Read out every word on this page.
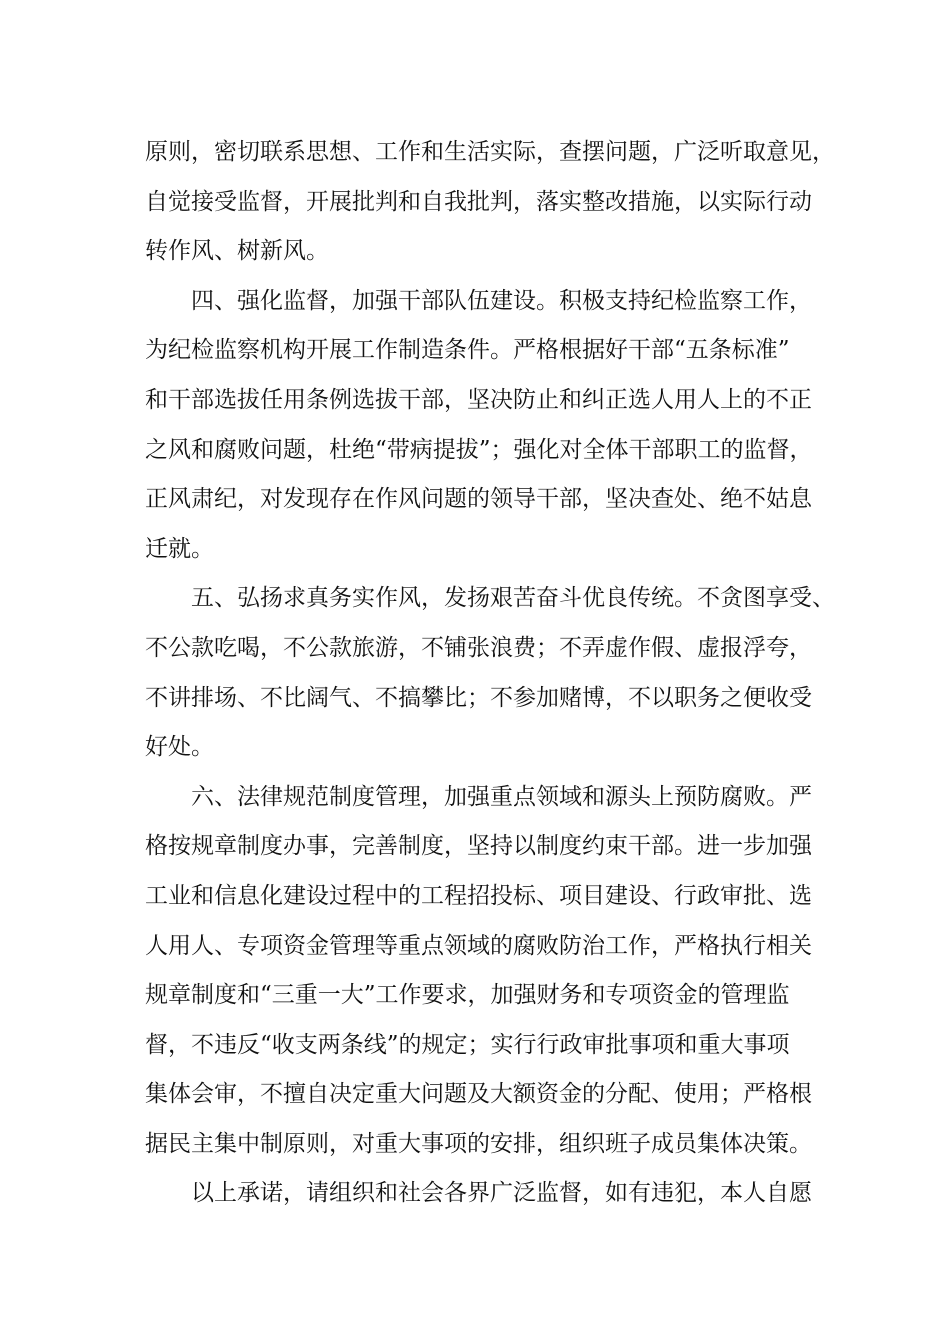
原则，密切联系思想、工作和生活实际，查摆问题，广泛听取意见，
自觉接受监督，开展批判和自我批判，落实整改措施，以实际行动
转作风、树新风。
四、强化监督，加强干部队伍建设。积极支持纪检监察工作，
为纪检监察机构开展工作制造条件。严格根据好干部“五条标准”
和干部选拔任用条例选拔干部，坚决防止和纠正选人用人上的不正
之风和腐败问题，杜绝“带病提拔”；强化对全体干部职工的监督，
正风肃纪，对发现存在作风问题的领导干部，坚决查处、绝不姑息
迁就。
五、弘扬求真务实作风，发扬艰苦奋斗优良传统。不贪图享受、
不公款吃喝，不公款旅游，不铺张浪费；不弄虚作假、虚报浮夸，
不讲排场、不比阔气、不搞攀比；不参加赌博，不以职务之便收受
好处。
六、法律规范制度管理，加强重点领域和源头上预防腐败。严
格按规章制度办事，完善制度，坚持以制度约束干部。进一步加强
工业和信息化建设过程中的工程招投标、项目建设、行政审批、选
人用人、专项资金管理等重点领域的腐败防治工作，严格执行相关
规章制度和“三重一大”工作要求，加强财务和专项资金的管理监
督，不违反“收支两条线”的规定；实行行政审批事项和重大事项
集体会审，不擅自决定重大问题及大额资金的分配、使用；严格根
据民主集中制原则，对重大事项的安排，组织班子成员集体决策。
以上承诺，请组织和社会各界广泛监督，如有违犯，本人自愿
